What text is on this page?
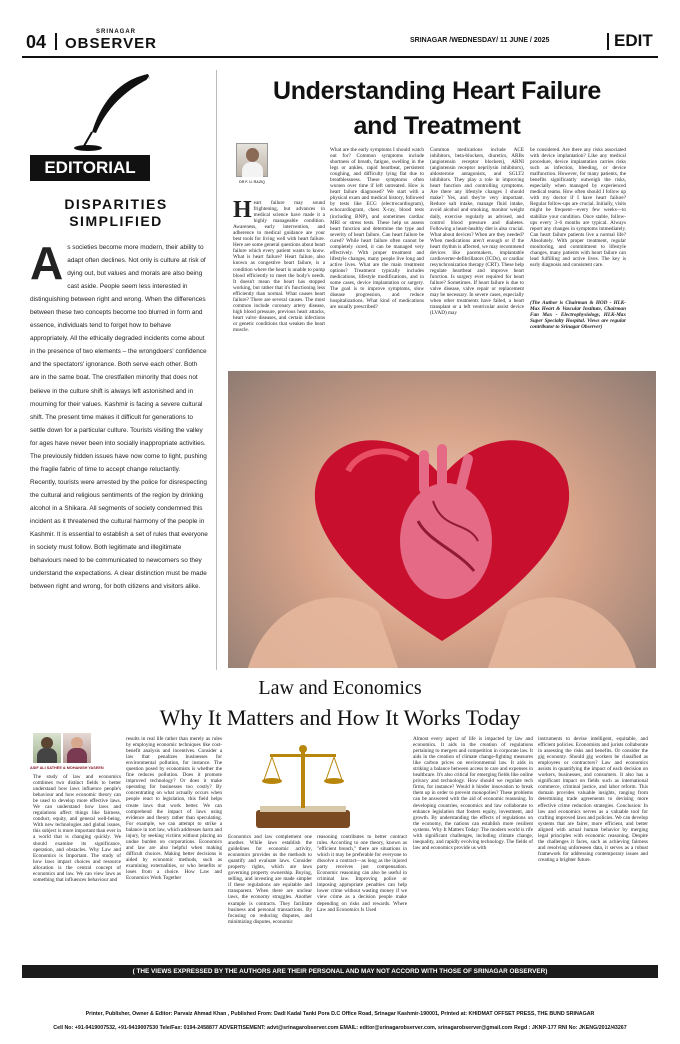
04	SRINAGAR
OBSERVER	SRINAGAR /WEDNESDAY/ 11 JUNE / 2025	EDIT
EDITORIAL
DISPARITIES SIMPLIFIED
A s societies become more modern, their ability to adapt often declines. Not only is culture at risk of dying out, but values and morals are also being cast aside. People seem less interested in distinguishing between right and wrong. When the differences between these two concepts become too blurred in form and essence, individuals tend to forget how to behave appropriately. All the ethically degraded incidents come about in the presence of two elements – the wrongdoers' confidence and the spectators' ignorance. Both serve each other. Both are in the same boat. The crestfallen minority that does not believe in the culture shift is always left astonished and in mourning for their values. Kashmir is facing a severe cultural shift. The present time makes it difficult for generations to settle down for a particular culture. Tourists visiting the valley for ages have never been into socially inappropriate activities. The previously hidden issues have now come to light, pushing the fragile fabric of time to accept change reluctantly. Recently, tourists were arrested by the police for disrespecting the cultural and religious sentiments of the region by drinking alcohol in a Shikara. All segments of society condemned this incident as it threatened the cultural harmony of the people in Kashmir. It is essential to establish a set of rules that everyone in society must follow. Both legitimate and illegitimate behaviours need to be communicated to newcomers so they understand the expectations. A clear distinction must be made between right and wrong, for both citizens and visitors alike.
Understanding Heart Failure
and Treatment
DR F. U. RAZIQ
H eart failure may sound frightening, but advances in medical science have made it a highly manageable condition. Awareness, early intervention, and adherence to medical guidance are your best tools for living well with heart failure. Here are some general questions about heart failure which every patient wants to know. What is heart failure? Heart failure, also known as congestive heart failure, is a condition where the heart is unable to pump blood efficiently to meet the body's needs. It doesn't mean the heart has stopped working, but rather that it's functioning less efficiently than normal. What causes heart failure? There are several causes. The most common include coronary artery disease, high blood pressure, previous heart attacks, heart valve diseases, and certain infections or genetic conditions that weaken the heart muscle.
What are the early symptoms I should watch out for? Common symptoms include shortness of breath, fatigue, swelling in the legs or ankles, rapid heartbeat, persistent coughing, and difficulty lying flat due to breathlessness. These symptoms often worsen over time if left untreated. How is heart failure diagnosed? We start with a physical exam and medical history, followed by tests like ECG (electrocardiogram), echocardiogram, chest X-ray, blood tests (including BNP), and sometimes cardiac MRI or stress tests. These help us assess heart function and determine the type and severity of heart failure. Can heart failure be cured? While heart failure often cannot be completely cured, it can be managed very effectively. With proper treatment and lifestyle changes, many people live long and active lives. What are the main treatment options? Treatment typically includes medications, lifestyle modifications, and in some cases, device implantation or surgery. The goal is to improve symptoms, slow disease progression, and reduce hospitalizations. What kind of medications are usually prescribed?
Common medications include ACE inhibitors, beta-blockers, diuretics, ARBs (angiotensin receptor blockers), ARNI (angiotensin receptor neprilysin inhibitors), aldosterone antagonists, and SGLT2 inhibitors. They play a role in improving heart function and controlling symptoms. Are there any lifestyle changes I should make? Yes, and they're very important. Reduce salt intake, manage fluid intake, avoid alcohol and smoking, monitor weight daily, exercise regularly as advised, and control blood pressure and diabetes. Following a heart-healthy diet is also crucial. What about devices? When are they needed? When medications aren't enough or if the heart rhythm is affected, we may recommend devices like pacemakers, implantable cardioverter-defibrillators (ICDs), or cardiac resynchronization therapy (CRT). These help regulate heartbeat and improve heart function. Is surgery ever required for heart failure? Sometimes. If heart failure is due to valve disease, valve repair or replacement may be necessary. In severe cases, especially when other treatments have failed, a heart transplant or a left ventricular assist device (LVAD) may
be considered. Are there any risks associated with device implantation? Like any medical procedure, device implantation carries risks such as infection, bleeding, or device malfunction. However, for many patients, the benefits significantly outweigh the risks, especially when managed by experienced medical teams. How often should I follow up with my doctor if I have heart failure? Regular follow-ups are crucial. Initially, visits might be frequent—every few weeks—to stabilize your condition. Once stable, follow-ups every 3–6 months are typical. Always report any changes in symptoms immediately. Can heart failure patients live a normal life? Absolutely. With proper treatment, regular monitoring, and commitment to lifestyle changes, many patients with heart failure can lead fulfilling and active lives. The key is early diagnosis and consistent care.
(The Author is Chairman & HOD - HLK-Max Heart & Vascular Institute, Chairman Fan Max - Electrophysiology, HLK-Max Super Specialty Hospital. Views are regular contributor to Srinagar Observer)
Law and Economics
Why It Matters and How It Works Today
ASIF ALI SATHEE & MOHANISH YASEEN
The study of law and economics combines two distinct fields to better understand how laws influence people's behaviour and how economic theory can be used to develop more effective laws. We can understand how laws and regulations affect things like fairness, conduct, equity, and general well-being. With new technologies and global issues, this subject is more important than ever in a world that is changing quickly. We should examine its significance, operation, and obstacles. Why Law and Economics is Important. The study of how laws impact choices and resource allocation is the central concept of economics and law. We can view laws as something that influences behaviour and
results in real life rather than merely as rules by employing economic techniques like cost-benefit analysis and incentives. Consider a law that penalizes businesses for environmental pollution, for instance. The question posed by economists is whether the fine reduces pollution. Does it promote improved technology? Or does it make operating for businesses too costly? By concentrating on what actually occurs when people react to legislation, this field helps create laws that work better. We can comprehend the impact of laws using evidence and theory rather than speculating. For example, we can attempt to strike a balance in tort law, which addresses harm and injury, by seeking victims without placing an undue burden on corporations. Economics and law are also helpful when making difficult choices. Making better decisions is aided by economic methods, such as examining externalities, or who benefits or loses from a choice. How Law and Economics Work Together
Economics and law complement one another. While laws establish the guidelines for economic activity, economics provides us the methods to quantify and evaluate laws. Consider property rights, which are laws governing property ownership. Buying, selling, and investing are made simpler if these regulations are equitable and transparent. When there are unclear laws, the economy struggles. Another example is contracts. They facilitate business and personal transactions. By focusing on reducing disputes, and minimizing disputes, economic
reasoning contributes to better contract rules. According to one theory, known as "efficient breach," there are situations in which it may be preferable for everyone to dissolve a contract—as long as the injured party receives just compensation. Economic reasoning can also be useful in criminal law. Improving police or imposing appropriate penalties can help lower crime without wasting money if we view crime as a decision people make depending on risks and rewards. Where Law and Economics Is Used
Almost every aspect of life is impacted by law and economics. It aids in the creation of regulations pertaining to mergers and competition in corporate law. It aids in the creation of climate change-fighting measures like carbon prices on environmental law. It aids in striking a balance between access to care and expenses in healthcare. It's also critical for emerging fields like online privacy and technology. How should we regulate tech firms, for instance? Would it hinder innovation to break them up in order to prevent monopolies? These problems can be answered with the aid of economic reasoning. In developing countries, economics and law collaborate to enhance legislation that fosters equity, investment, and growth. By understanding the effects of regulations on the economy, the nations can establish more resilient systems. Why It Matters Today: The modern world is rife with significant challenges, including climate change, inequality, and rapidly evolving technology. The fields of law and economics provide us with
instruments to devise intelligent, equitable, and efficient policies. Economists and jurists collaborate in assessing the risks and benefits. Or consider the gig economy. Should gig workers be classified as employees or contractors? Law and economics assists in quantifying the impact of each decision on workers, businesses, and consumers. It also has a significant impact on fields such as international commerce, criminal justice, and labor reform. This domain provides valuable insights, ranging from determining trade agreements to devising more effective crime reduction strategies. Conclusion: In law and economics serves as a valuable tool for crafting improved laws and policies. We can develop systems that are fairer, more efficient, and better aligned with actual human behavior by merging legal principles with economic reasoning. Despite the challenges it faces, such as achieving fairness and resolving unforeseen data, it serves as a robust framework for addressing contemporary issues and creating a brighter future.
( THE VIEWS EXPRESSED BY THE AUTHORS ARE THEIR PERSONAL AND MAY NOT ACCORD WITH THOSE OF SRINAGAR OBSERVER)
Printer, Publisher, Owner & Editor: Parvaiz Ahmad Khan , Published From: Dadi Kadal Tanki Pora D.C Office Road, Srinagar Kashmir-190001, Printed at: KHIDMAT OFFSET PRESS, THE BUND SRINAGAR
Cell No: +91-9419007532, +91-9419007530 Tele/Fax: 0194-2458877 ADVERTISEMENT: advt@srinagarobserver.com EMAIL: editor@srinagarobserver.com, srinagarobserver@gmail.com Regd : JKNP-177 RNI No: JKENG/2012/43267
